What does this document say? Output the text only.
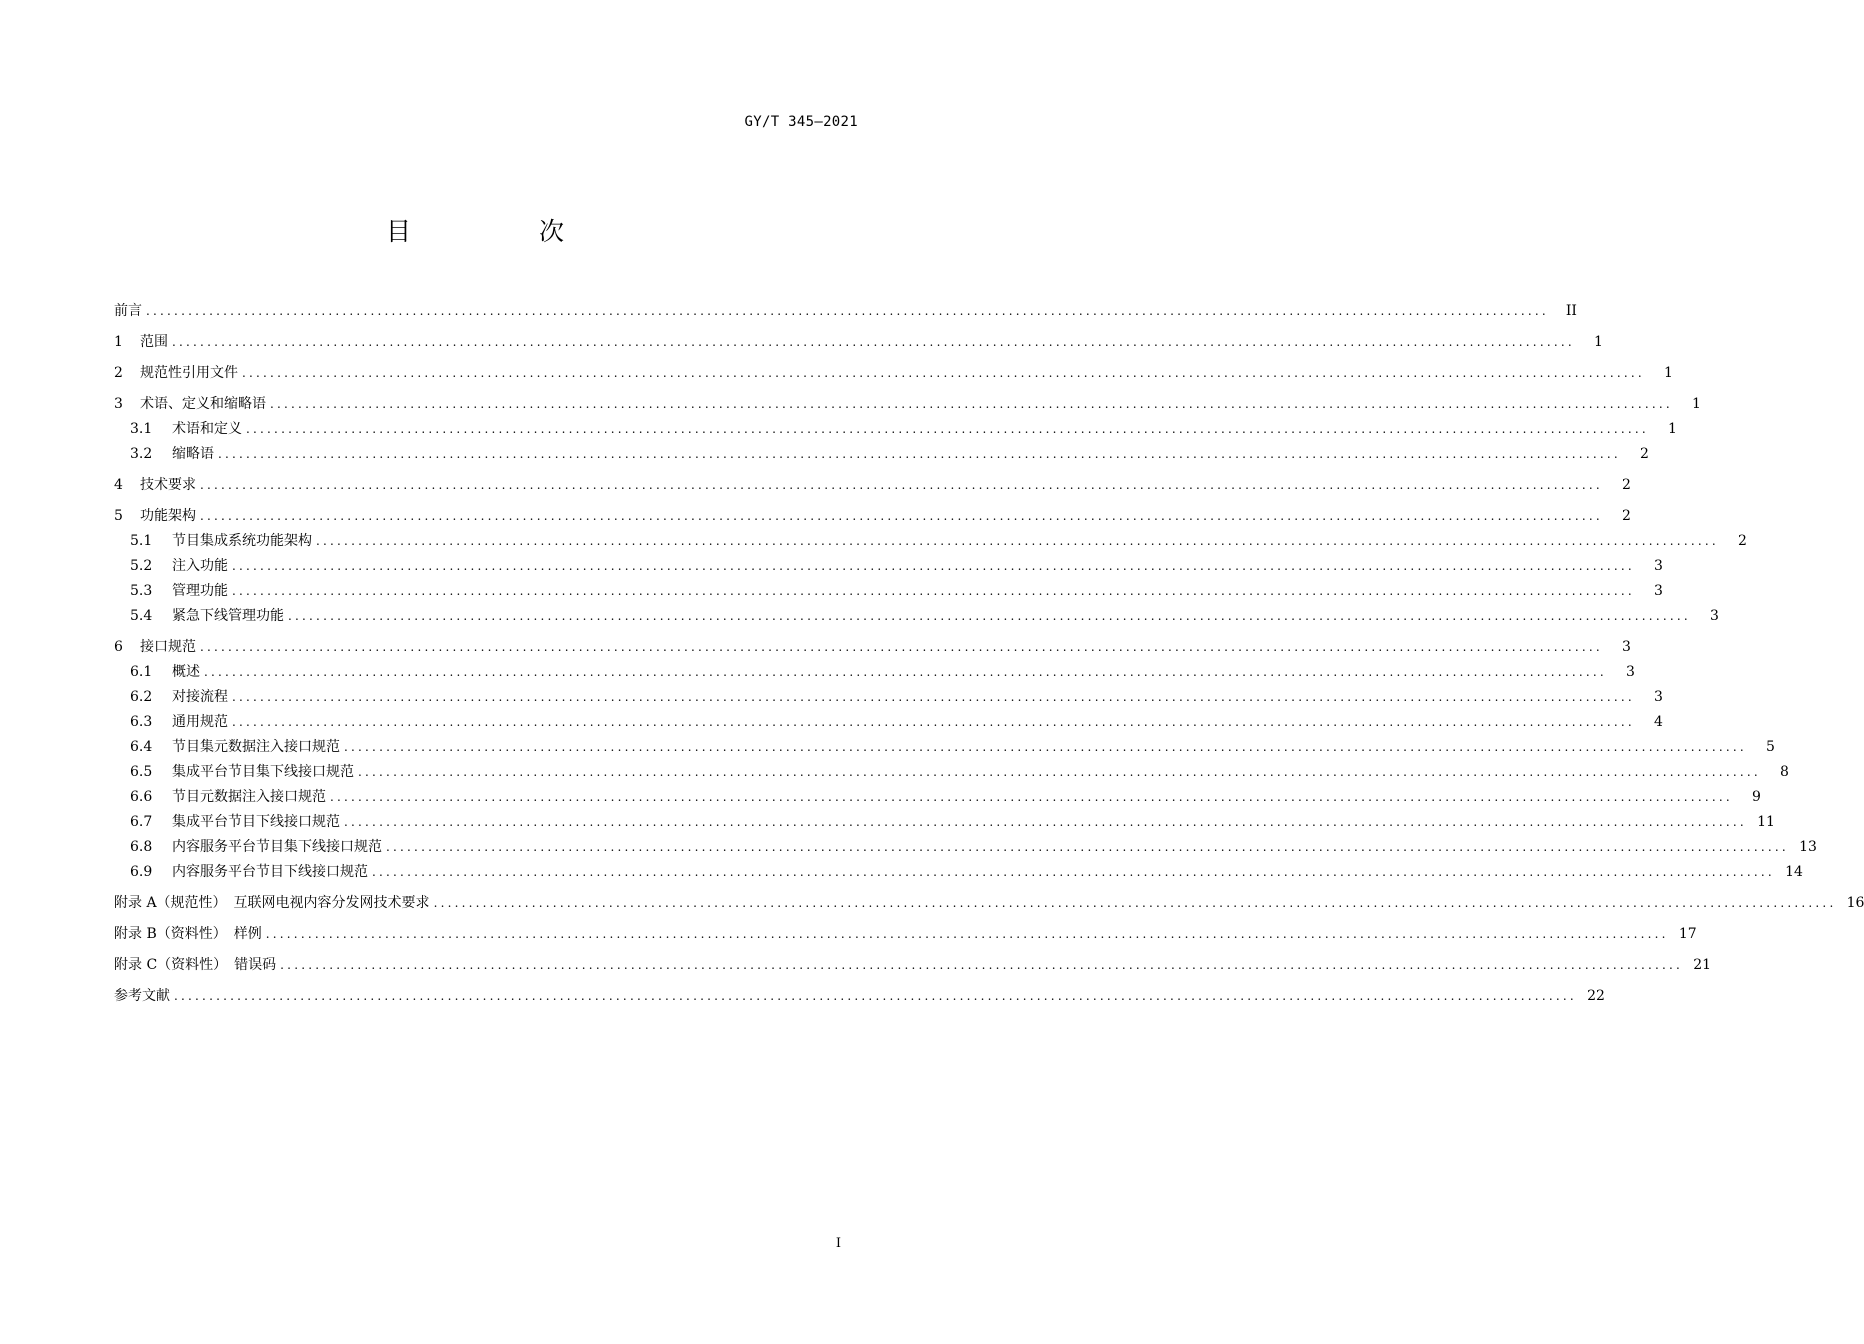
GY/T 345—2021
目 次
前言 ........................................................................................................................................................................................................	II
1	范围 ........................................................................................................................................................................................................	1
2	规范性引用文件 ........................................................................................................................................................................................................	1
3	术语、定义和缩略语 ........................................................................................................................................................................................................	1
3.1	术语和定义 ........................................................................................................................................................................................................	1
3.2	缩略语 ........................................................................................................................................................................................................	2
4	技术要求 ........................................................................................................................................................................................................	2
5	功能架构 ........................................................................................................................................................................................................	2
5.1	节目集成系统功能架构 ........................................................................................................................................................................................................	2
5.2	注入功能 ........................................................................................................................................................................................................	3
5.3	管理功能 ........................................................................................................................................................................................................	3
5.4	紧急下线管理功能 ........................................................................................................................................................................................................	3
6	接口规范 ........................................................................................................................................................................................................	3
6.1	概述 ........................................................................................................................................................................................................	3
6.2	对接流程 ........................................................................................................................................................................................................	3
6.3	通用规范 ........................................................................................................................................................................................................	4
6.4	节目集元数据注入接口规范 ........................................................................................................................................................................................................	5
6.5	集成平台节目集下线接口规范 ........................................................................................................................................................................................................	8
6.6	节目元数据注入接口规范 ........................................................................................................................................................................................................	9
6.7	集成平台节目下线接口规范 ........................................................................................................................................................................................................ 11
6.8	内容服务平台节目集下线接口规范 ........................................................................................................................................................................................................ 13
6.9	内容服务平台节目下线接口规范 ........................................................................................................................................................................................................ 14
附录 A（规范性）　互联网电视内容分发网技术要求 ........................................................................................................................................................................................................ 16
附录 B（资料性）　样例 ........................................................................................................................................................................................................ 17
附录 C（资料性）　错误码 ........................................................................................................................................................................................................ 21
参考文献 ........................................................................................................................................................................................................ 22
I
